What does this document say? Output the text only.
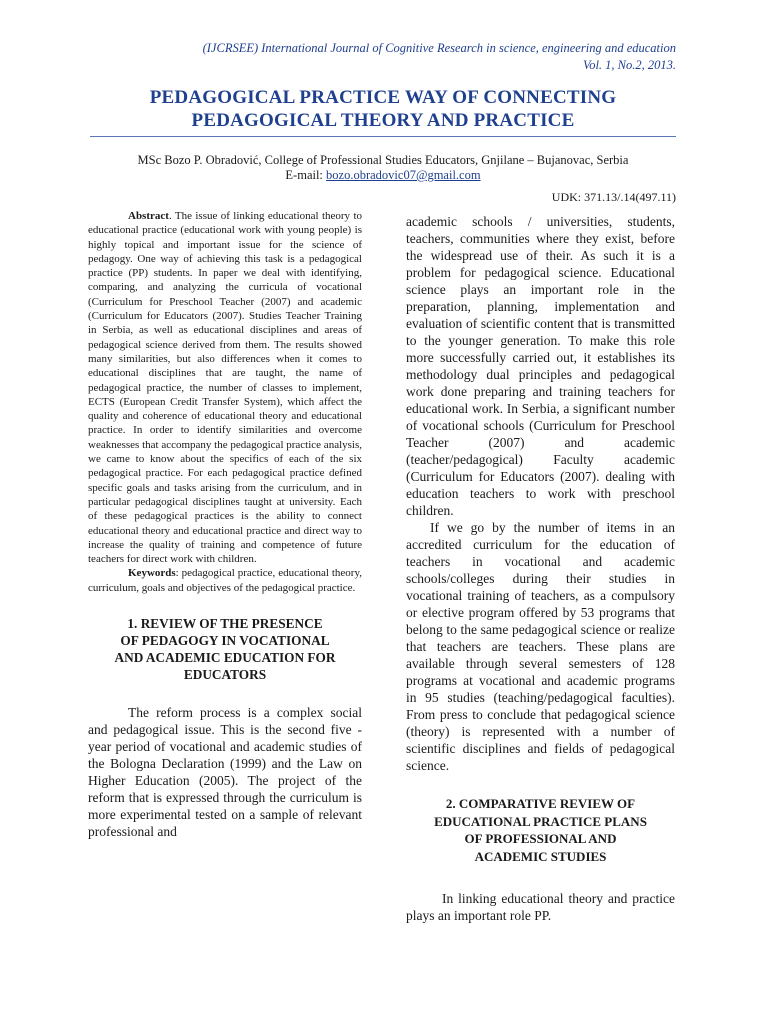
(IJCRSEE) International Journal of Cognitive Research in science, engineering and education
Vol. 1, No.2, 2013.
PEDAGOGICAL PRACTICE WAY OF CONNECTING
PEDAGOGICAL THEORY AND PRACTICE
MSc Bozo P. Obradović, College of Professional Studies Educators, Gnjilane – Bujanovac, Serbia
E-mail: bozo.obradovic07@gmail.com
UDK: 371.13/.14(497.11)

Abstract. The issue of linking educational theory to educational practice (educational work with young people) is highly topical and important issue for the science of pedagogy. One way of achieving this task is a pedagogical practice (PP) students. In paper we deal with identifying, comparing, and analyzing the curricula of vocational (Curriculum for Preschool Teacher (2007) and academic (Curriculum for Educators (2007). Studies Teacher Training in Serbia, as well as educational disciplines and areas of pedagogical science derived from them. The results showed many similarities, but also differences when it comes to educational disciplines that are taught, the name of pedagogical practice, the number of classes to implement, ECTS (European Credit Transfer System), which affect the quality and coherence of educational theory and educational practice. In order to identify similarities and overcome weaknesses that accompany the pedagogical practice analysis, we came to know about the specifics of each of the six pedagogical practice. For each pedagogical practice defined specific goals and tasks arising from the curriculum, and in particular pedagogical disciplines taught at university. Each of these pedagogical practices is the ability to connect educational theory and educational practice and direct way to increase the quality of training and competence of future teachers for direct work with children.

Keywords: pedagogical practice, educational theory, curriculum, goals and objectives of the pedagogical practice.

1. REVIEW OF THE PRESENCE
OF PEDAGOGY IN VOCATIONAL
AND ACADEMIC EDUCATION FOR
EDUCATORS

The reform process is a complex social and pedagogical issue. This is the second five - year period of vocational and academic studies of the Bologna Declaration (1999) and the Law on Higher Education (2005). The project of the reform that is expressed through the curriculum is more experimental tested on a sample of relevant professional and

academic schools / universities, students, teachers, communities where they exist, before the widespread use of their. As such it is a problem for pedagogical science. Educational science plays an important role in the preparation, planning, implementation and evaluation of scientific content that is transmitted to the younger generation. To make this role more successfully carried out, it establishes its methodology dual principles and pedagogical work done preparing and training teachers for educational work. In Serbia, a significant number of vocational schools (Curriculum for Preschool Teacher (2007) and academic (teacher/pedagogical) Faculty academic (Curriculum for Educators (2007). dealing with education teachers to work with preschool children.

If we go by the number of items in an accredited curriculum for the education of teachers in vocational and academic schools/colleges during their studies in vocational training of teachers, as a compulsory or elective program offered by 53 programs that belong to the same pedagogical science or realize that teachers are teachers. These plans are available through several semesters of 128 programs at vocational and academic programs in 95 studies (teaching/pedagogical faculties). From press to conclude that pedagogical science (theory) is represented with a number of scientific disciplines and fields of pedagogical science.

2. COMPARATIVE REVIEW OF
EDUCATIONAL PRACTICE PLANS
OF PROFESSIONAL AND
ACADEMIC STUDIES

In linking educational theory and practice plays an important role PP.
